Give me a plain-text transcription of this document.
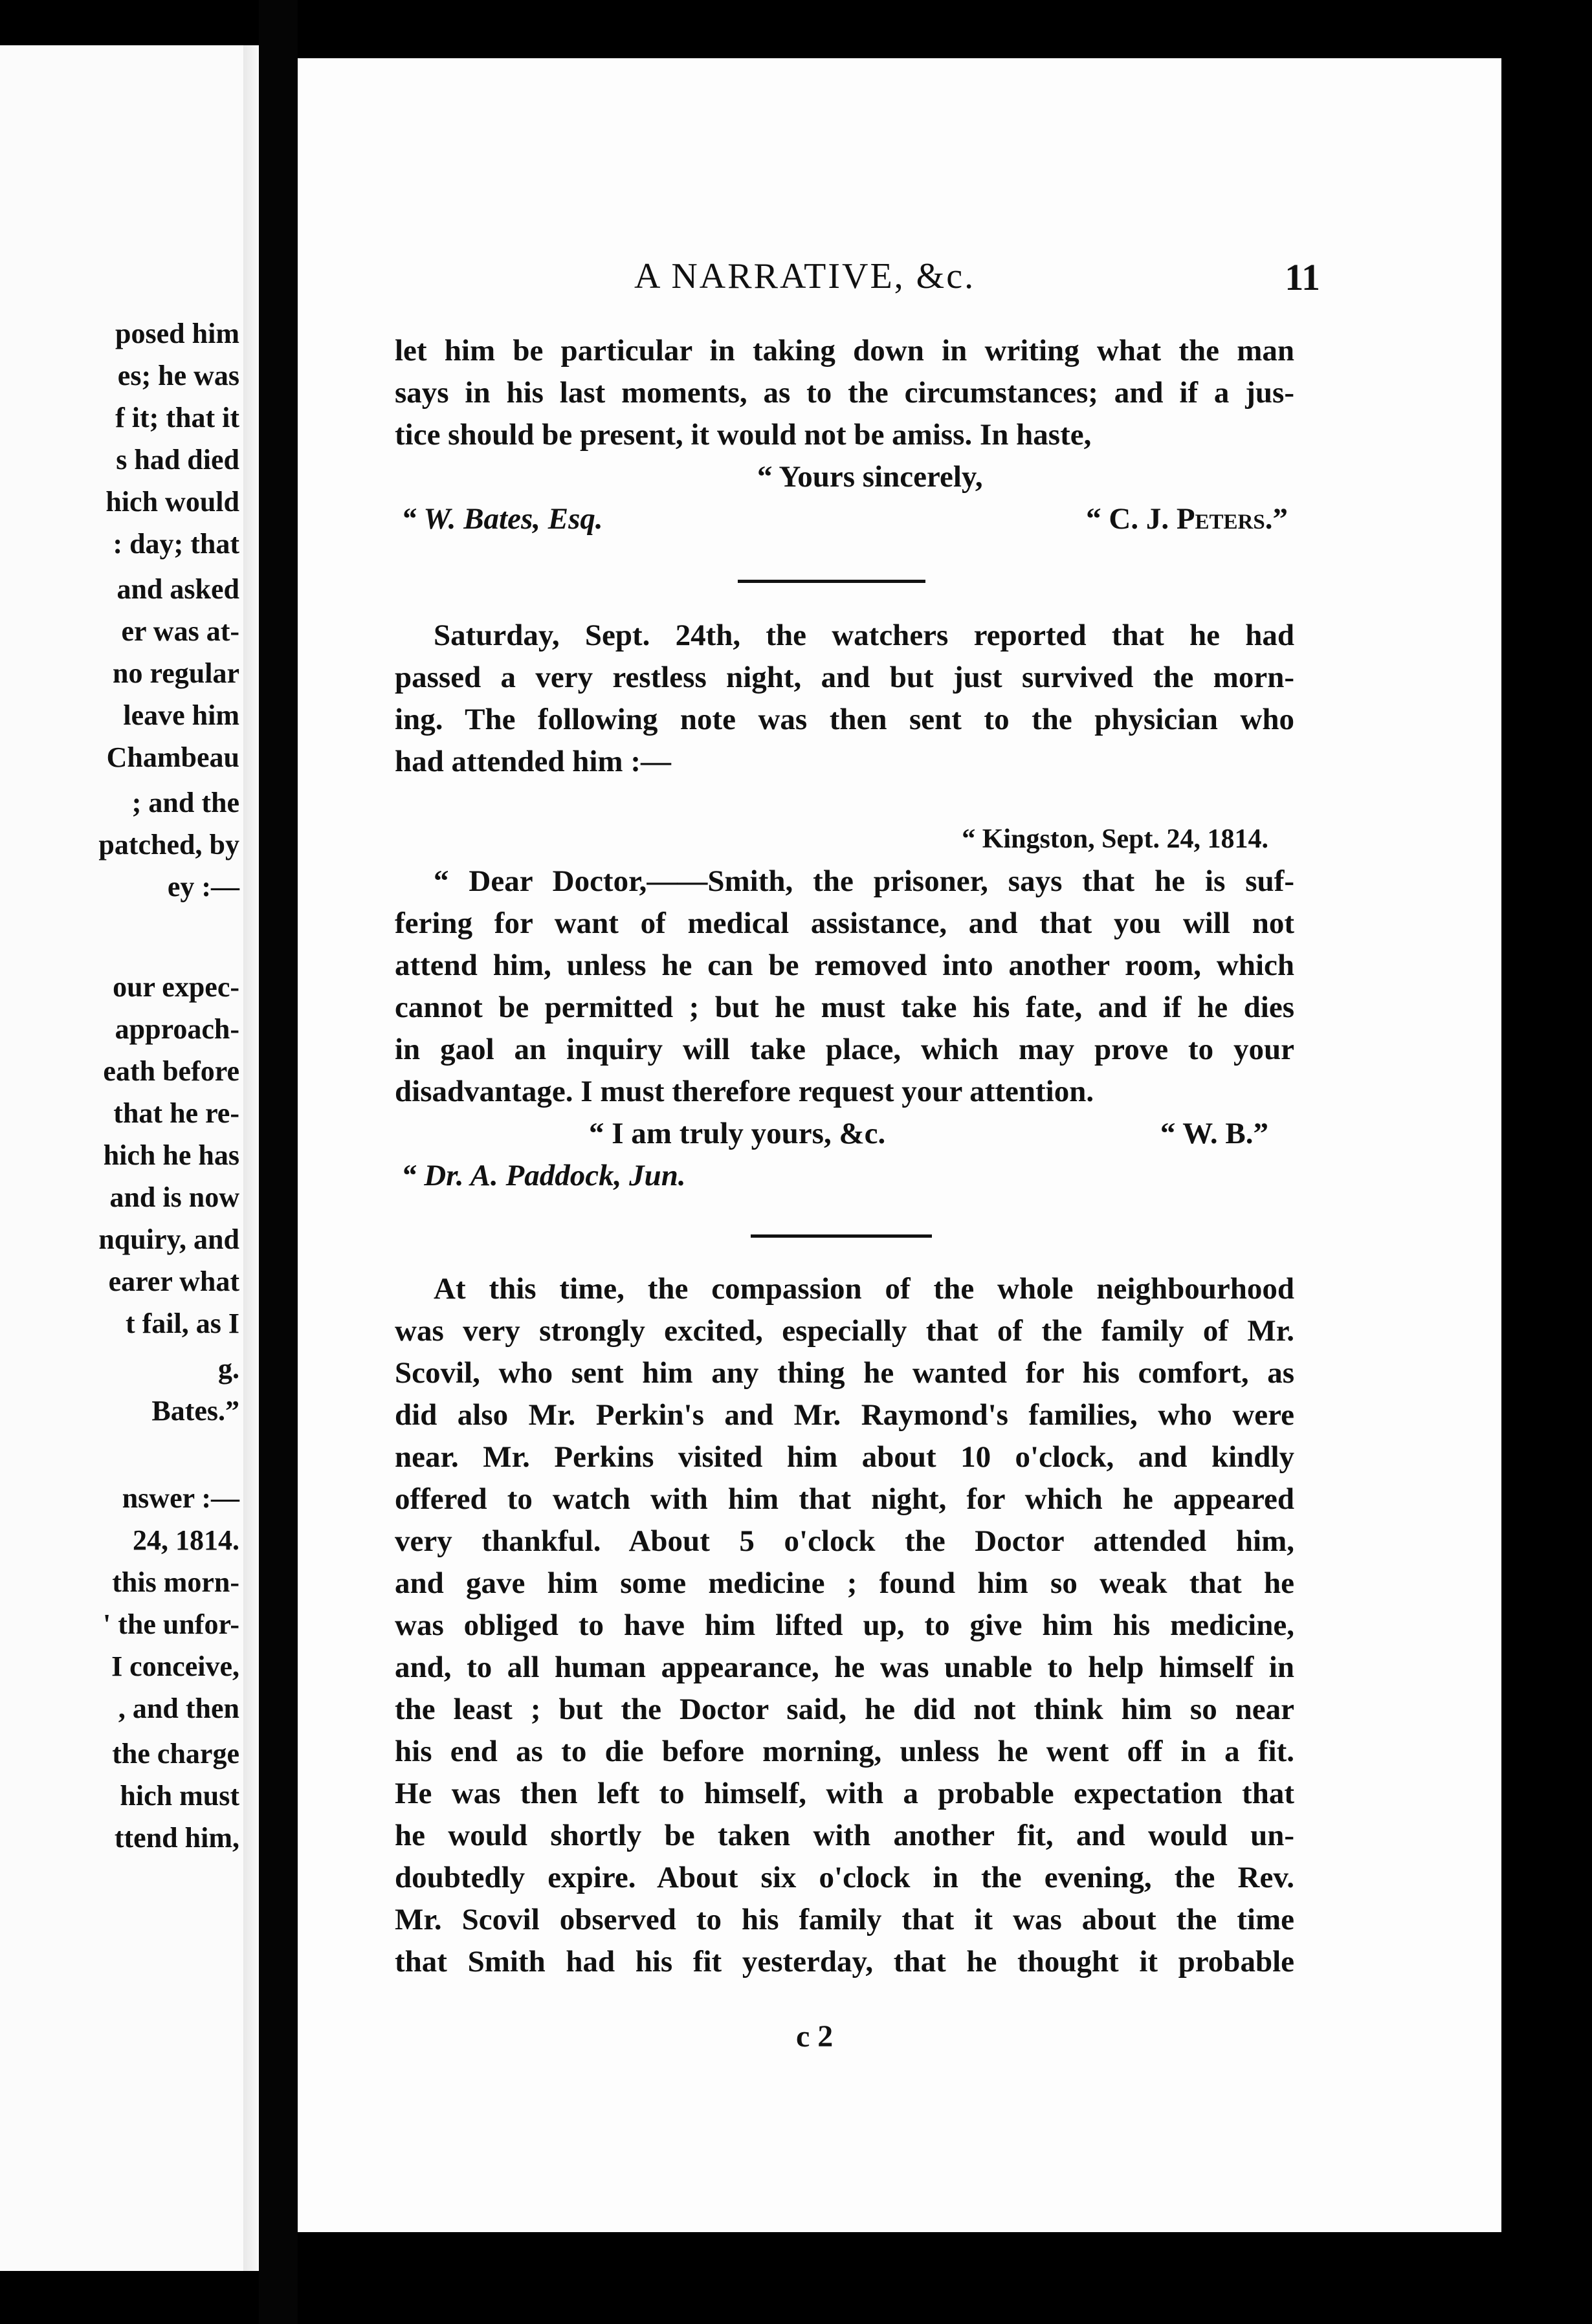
posed him
es; he was
f it; that it
s had died
hich would
: day; that
and asked
er was at-
no regular
leave him
Chambeau
; and the
patched, by
ey :—
our expec-
approach-
eath before
that he re-
hich he has
and is now
nquiry, and
earer what
t fail, as I
g.
Bates.”
nswer :—
24, 1814.
this morn-
' the unfor-
I conceive,
, and then
the charge
hich must
ttend him,
A NARRATIVE, &c.	11
let him be particular in taking down in writing what the man
says in his last moments, as to the circumstances; and if a jus-
tice should be present, it would not be amiss. In haste,
“ Yours sincerely,
“ W. Bates, Esq.	“ C. J. Peters.”
Saturday, Sept. 24th, the watchers reported that he had
passed a very restless night, and but just survived the morn-
ing. The following note was then sent to the physician who
had attended him :—
“ Kingston, Sept. 24, 1814.
“ Dear Doctor,——Smith, the prisoner, says that he is suf-
fering for want of medical assistance, and that you will not
attend him, unless he can be removed into another room, which
cannot be permitted ; but he must take his fate, and if he dies
in gaol an inquiry will take place, which may prove to your
disadvantage. I must therefore request your attention.
“ I am truly yours, &c.	“ W. B.”
“ Dr. A. Paddock, Jun.
At this time, the compassion of the whole neighbourhood
was very strongly excited, especially that of the family of Mr.
Scovil, who sent him any thing he wanted for his comfort, as
did also Mr. Perkin's and Mr. Raymond's families, who were
near. Mr. Perkins visited him about 10 o'clock, and kindly
offered to watch with him that night, for which he appeared
very thankful. About 5 o'clock the Doctor attended him,
and gave him some medicine ; found him so weak that he
was obliged to have him lifted up, to give him his medicine,
and, to all human appearance, he was unable to help himself in
the least ; but the Doctor said, he did not think him so near
his end as to die before morning, unless he went off in a fit.
He was then left to himself, with a probable expectation that
he would shortly be taken with another fit, and would un-
doubtedly expire. About six o'clock in the evening, the Rev.
Mr. Scovil observed to his family that it was about the time
that Smith had his fit yesterday, that he thought it probable
c 2
